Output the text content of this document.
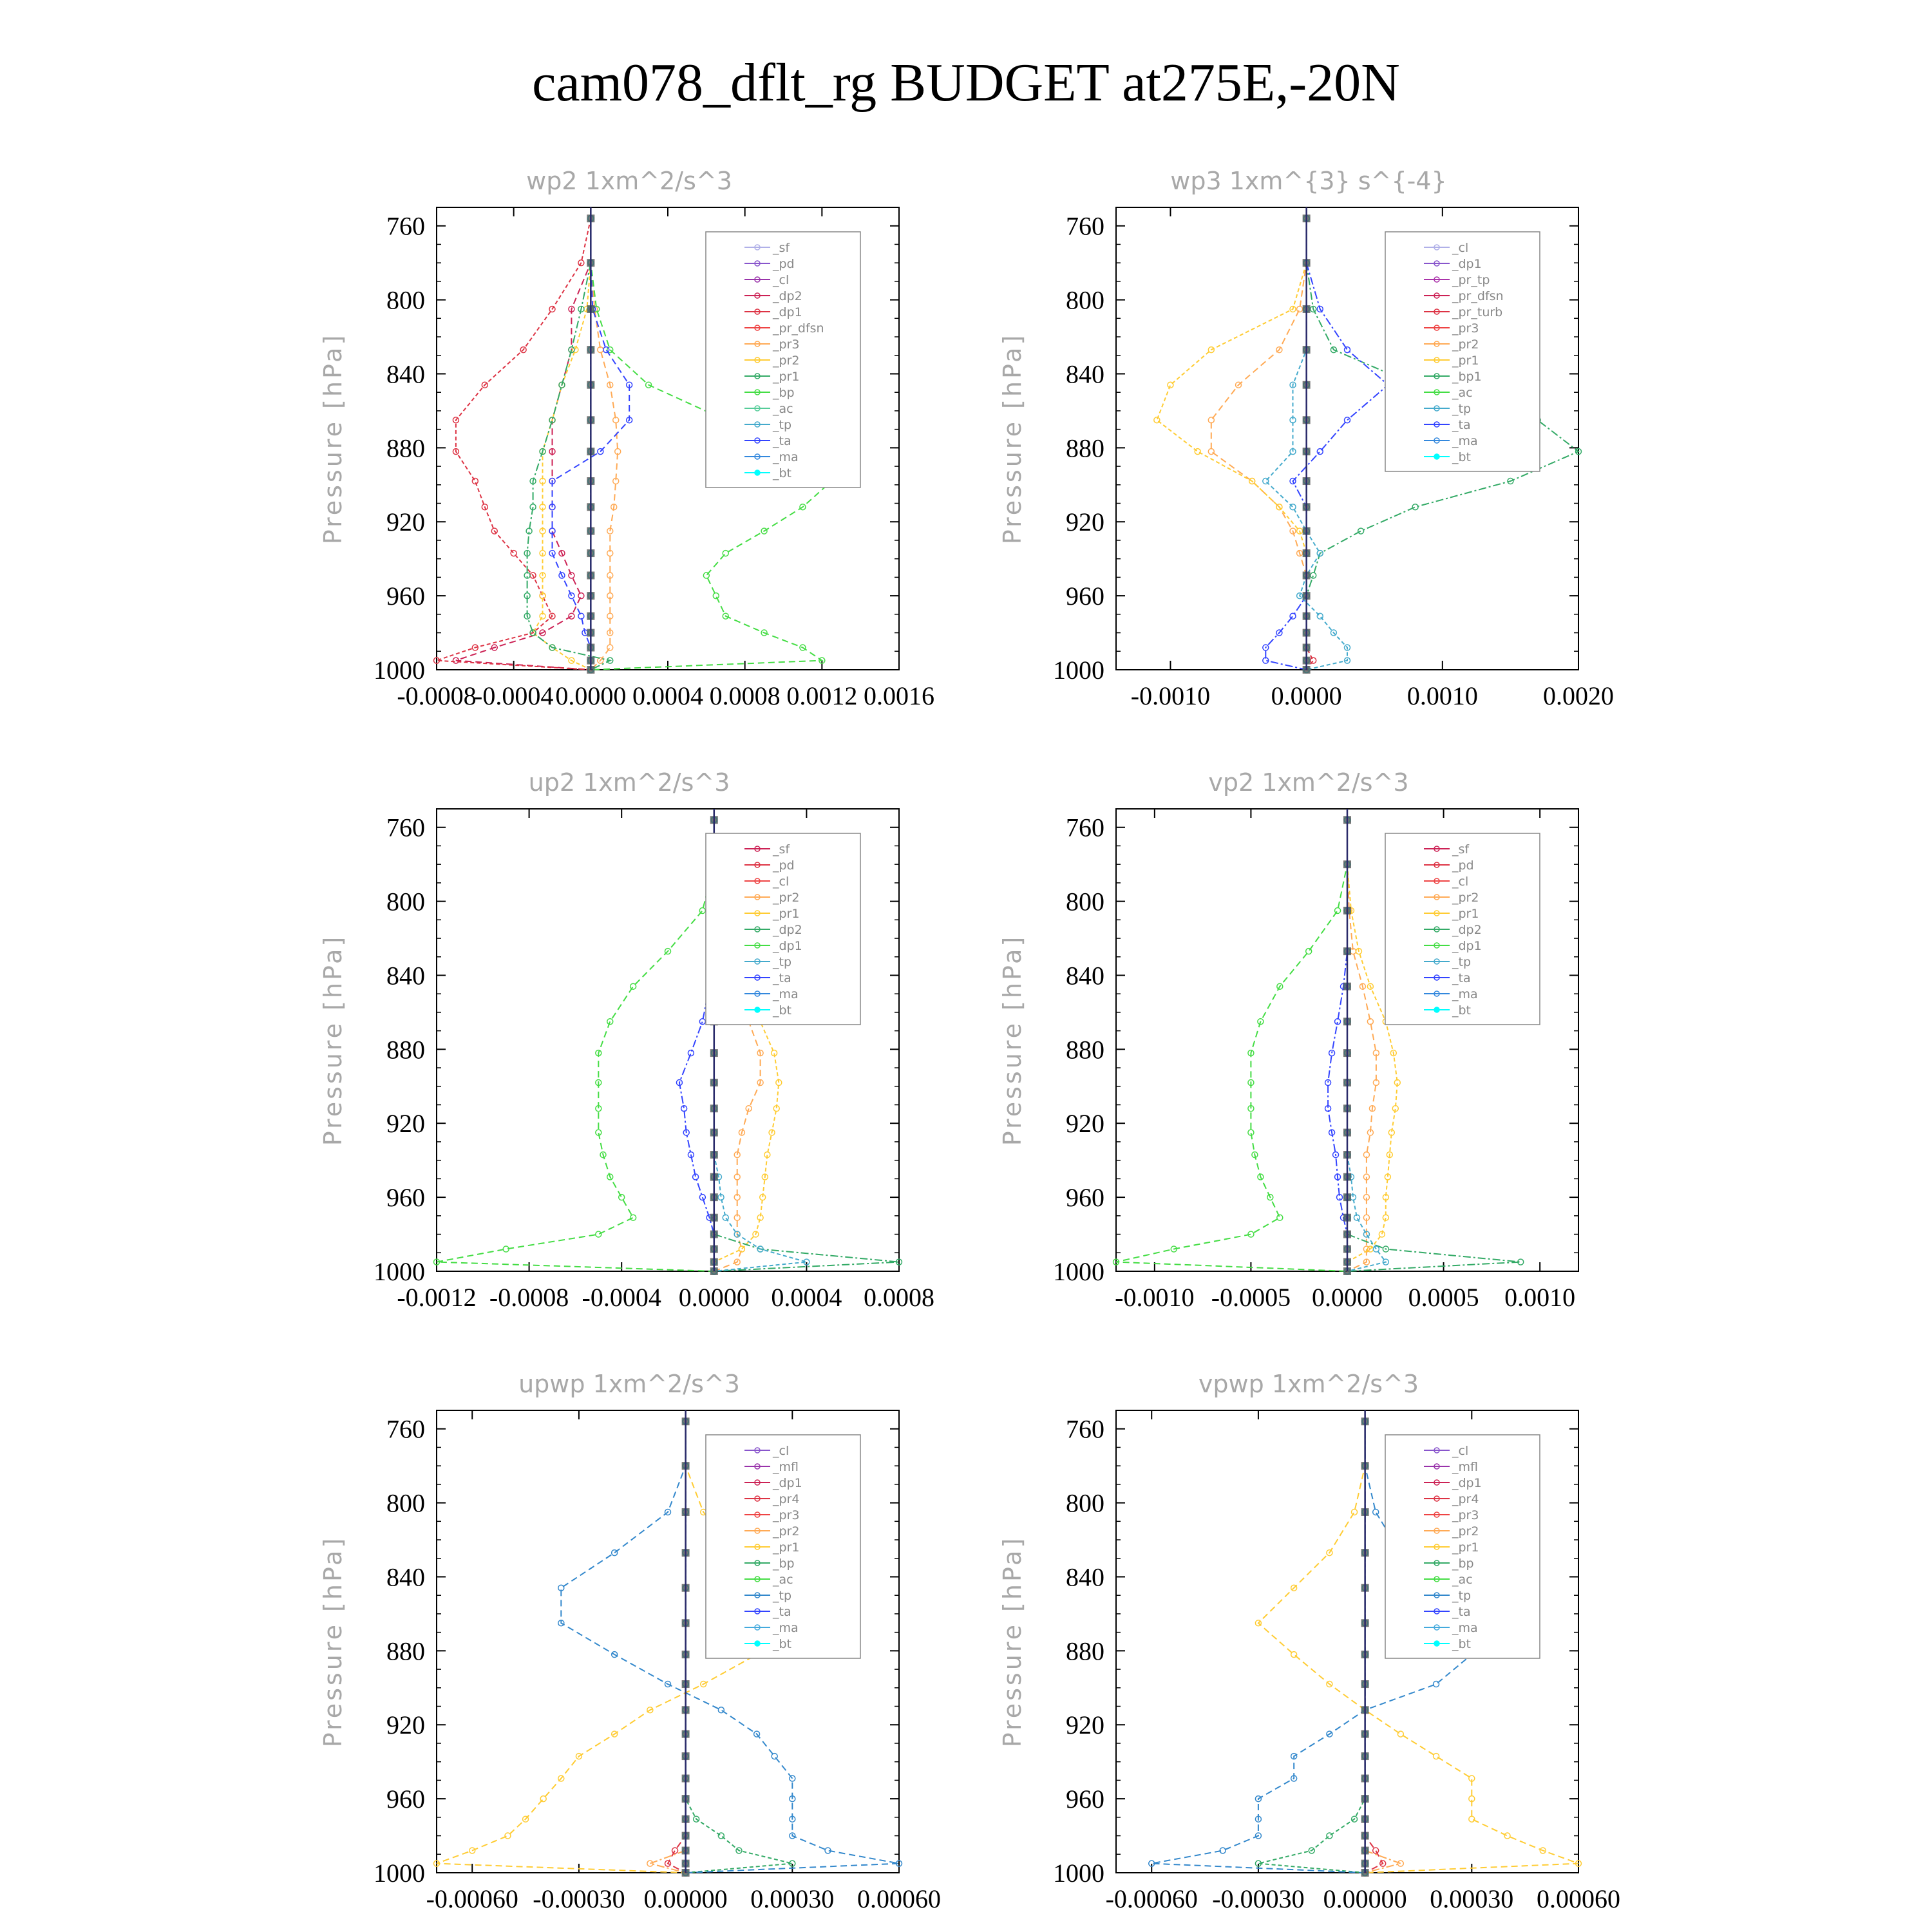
cam078_dflt_rg BUDGET at275E,-20N
wp2 1xm^2/s^3
Pressure [hPa]
760
800
840
880
920
960
1000
-0.0008
-0.0004 0.0000 0.0004 0.0008 0.0012 0.0016
_sf
_pd
_cl
_dp2
_dp1
_pr_dfsn
_pr3
_pr2
_pr1
_bp
_ac
_tp
_ta
_ma
_bt
wp3 1xm^{3} s^{-4}
Pressure [hPa]
760
800
840
880
920
960
1000
-0.0010 0.0000	0.0010	0.0020
_cl
_dp1
_pr_tp
_pr_dfsn
_pr_turb
_pr3
_pr2
_pr1
_bp1
_ac
_tp
_ta
_ma
_bt
up2 1xm^2/s^3
Pressure [hPa]
760
800
840
880
920
960
1000
-0.0012 -0.0008 -0.0004 0.0000 0.0004 0.0008
_sf
_pd
_cl
_pr2
_pr1
_dp2
_dp1
_tp
_ta
_ma
_bt
vp2 1xm^2/s^3
Pressure [hPa]
760
800
840
880
920
960
1000
-0.0010 -0.0005 0.0000 0.0005 0.0010
_sf
_pd
_cl
_pr2
_pr1
_dp2
_dp1
_tp
_ta
_ma
_bt
upwp 1xm^2/s^3
Pressure [hPa]
760
800
840
880
920
960
1000
-0.00060 -0.00030 0.00000 0.00030 0.00060
_cl
_mfl
_dp1
_pr4
_pr3
_pr2
_pr1
_bp
_ac
_tp
_ta
_ma
_bt
vpwp 1xm^2/s^3
Pressure [hPa]
760
800
840
880
920
960
1000
-0.00060 -0.00030 0.00000 0.00030 0.00060
_cl
_mfl
_dp1
_pr4
_pr3
_pr2
_pr1
_bp
_ac
_tp
_ta
_ma
_bt
